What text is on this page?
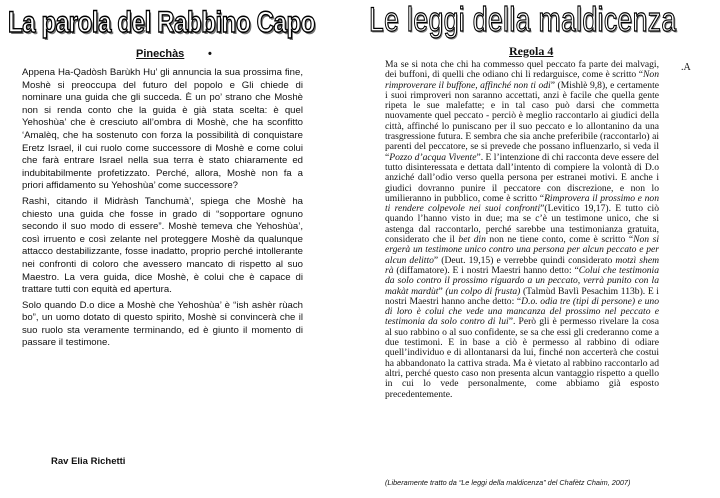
La parola del Rabbino Capo
Pinechàs •

Appena Ha-Qadòsh Barùkh Hu’ gli annuncia la sua prossima fine, Moshè si preoccupa del futuro del popolo e Gli chiede di nominare una guida che gli succeda. È un po’ strano che Moshè non si renda conto che la guida è già stata scelta: è quel Yehoshùa’ che è cresciuto all’ombra di Moshè, che ha sconfitto ‘Amalèq, che ha sostenuto con forza la possibilità di conquistare Eretz Israel, il cui ruolo come successore di Moshè e come colui che farà entrare Israel nella sua terra è stato chiaramente ed indubitabilmente profetizzato. Perché, allora, Moshè non fa a priori affidamento su Yehoshùa’ come successore?

Rashì, citando il Midràsh Tanchumà’, spiega che Moshè ha chiesto una guida che fosse in grado di “sopportare ognuno secondo il suo modo di essere”. Moshè temeva che Yehoshùa’, così irruento e così zelante nel proteggere Moshè da qualunque attacco destabilizzante, fosse inadatto, proprio perché intollerante nei confronti di coloro che avessero mancato di rispetto al suo Maestro. La vera guida, dice Moshè, è colui che è capace di trattare tutti con equità ed apertura.

Solo quando D.o dice a Moshè che Yehoshùa’ è “ish ashèr rùach bo”, un uomo dotato di questo spirito, Moshè si convincerà che il suo ruolo sta veramente terminando, ed è giunto il momento di passare il testimone.

Rav Elia Richetti
Le leggi della maldicenza
Regola 4
.A
Ma se si nota che chi ha commesso quel peccato fa parte dei malvagi, dei buffoni, di quelli che odiano chi li redarguisce, come è scritto “Non rimproverare il buffone, affinché non ti odi” (Mishlè 9,8), e certamente i suoi rimproveri non saranno accettati, anzi è facile che quella gente ripeta le sue malefatte; e in tal caso può darsi che commetta nuovamente quel peccato - perciò è meglio raccontarlo ai giudici della città, affinché lo puniscano per il suo peccato e lo allontanino da una trasgressione futura. E sembra che sia anche preferibile (raccontarlo) ai parenti del peccatore, se si prevede che possano influenzarlo, si veda il “Pozzo d’acqua Vivente”. E l’intenzione di chi racconta deve essere del tutto disinteressata e dettata dall’intento di compiere la volontà di D.o anziché dall’odio verso quella persona per estranei motivi. E anche i giudici dovranno punire il peccatore con discrezione, e non lo umilieranno in pubblico, come è scritto “Rimprovera il prossimo e non ti rendere colpevole nei suoi confronti”(Levitico 19,17). E tutto ciò quando l’hanno visto in due; ma se c’è un testimone unico, che si astenga dal raccontarlo, perché sarebbe una testimonianza gratuita, considerato che il bet din non ne tiene conto, come è scritto “Non si ergerà un testimone unico contro una persona per alcun peccato e per alcun delitto” (Deut. 19,15) e verrebbe quindi considerato motzì shem rà (diffamatore). E i nostri Maestri hanno detto: “Colui che testimonia da solo contro il prossimo riguardo a un peccato, verrà punito con la makàt mardùt” (un colpo di frusta) (Talmùd Bavlì Pesachim 113b). E i nostri Maestri hanno anche detto: “D.o. odia tre (tipi di persone) e uno di loro è colui che vede una mancanza del prossimo nel peccato e testimonia da solo contro di lui”. Però gli è permesso rivelare la cosa al suo rabbino o al suo confidente, se sa che essi gli crederanno come a due testimoni. E in base a ciò è permesso al rabbino di odiare quell’individuo e di allontanarsi da lui, finché non accerterà che costui ha abbandonato la cattiva strada. Ma è vietato al rabbino raccontarlo ad altri, perché questo caso non presenta alcun vantaggio rispetto a quello in cui lo vede personalmente, come abbiamo già esposto precedentemente.
(Liberamente tratto da “Le leggi della maldicenza” del Chafètz Chaim, 2007)
